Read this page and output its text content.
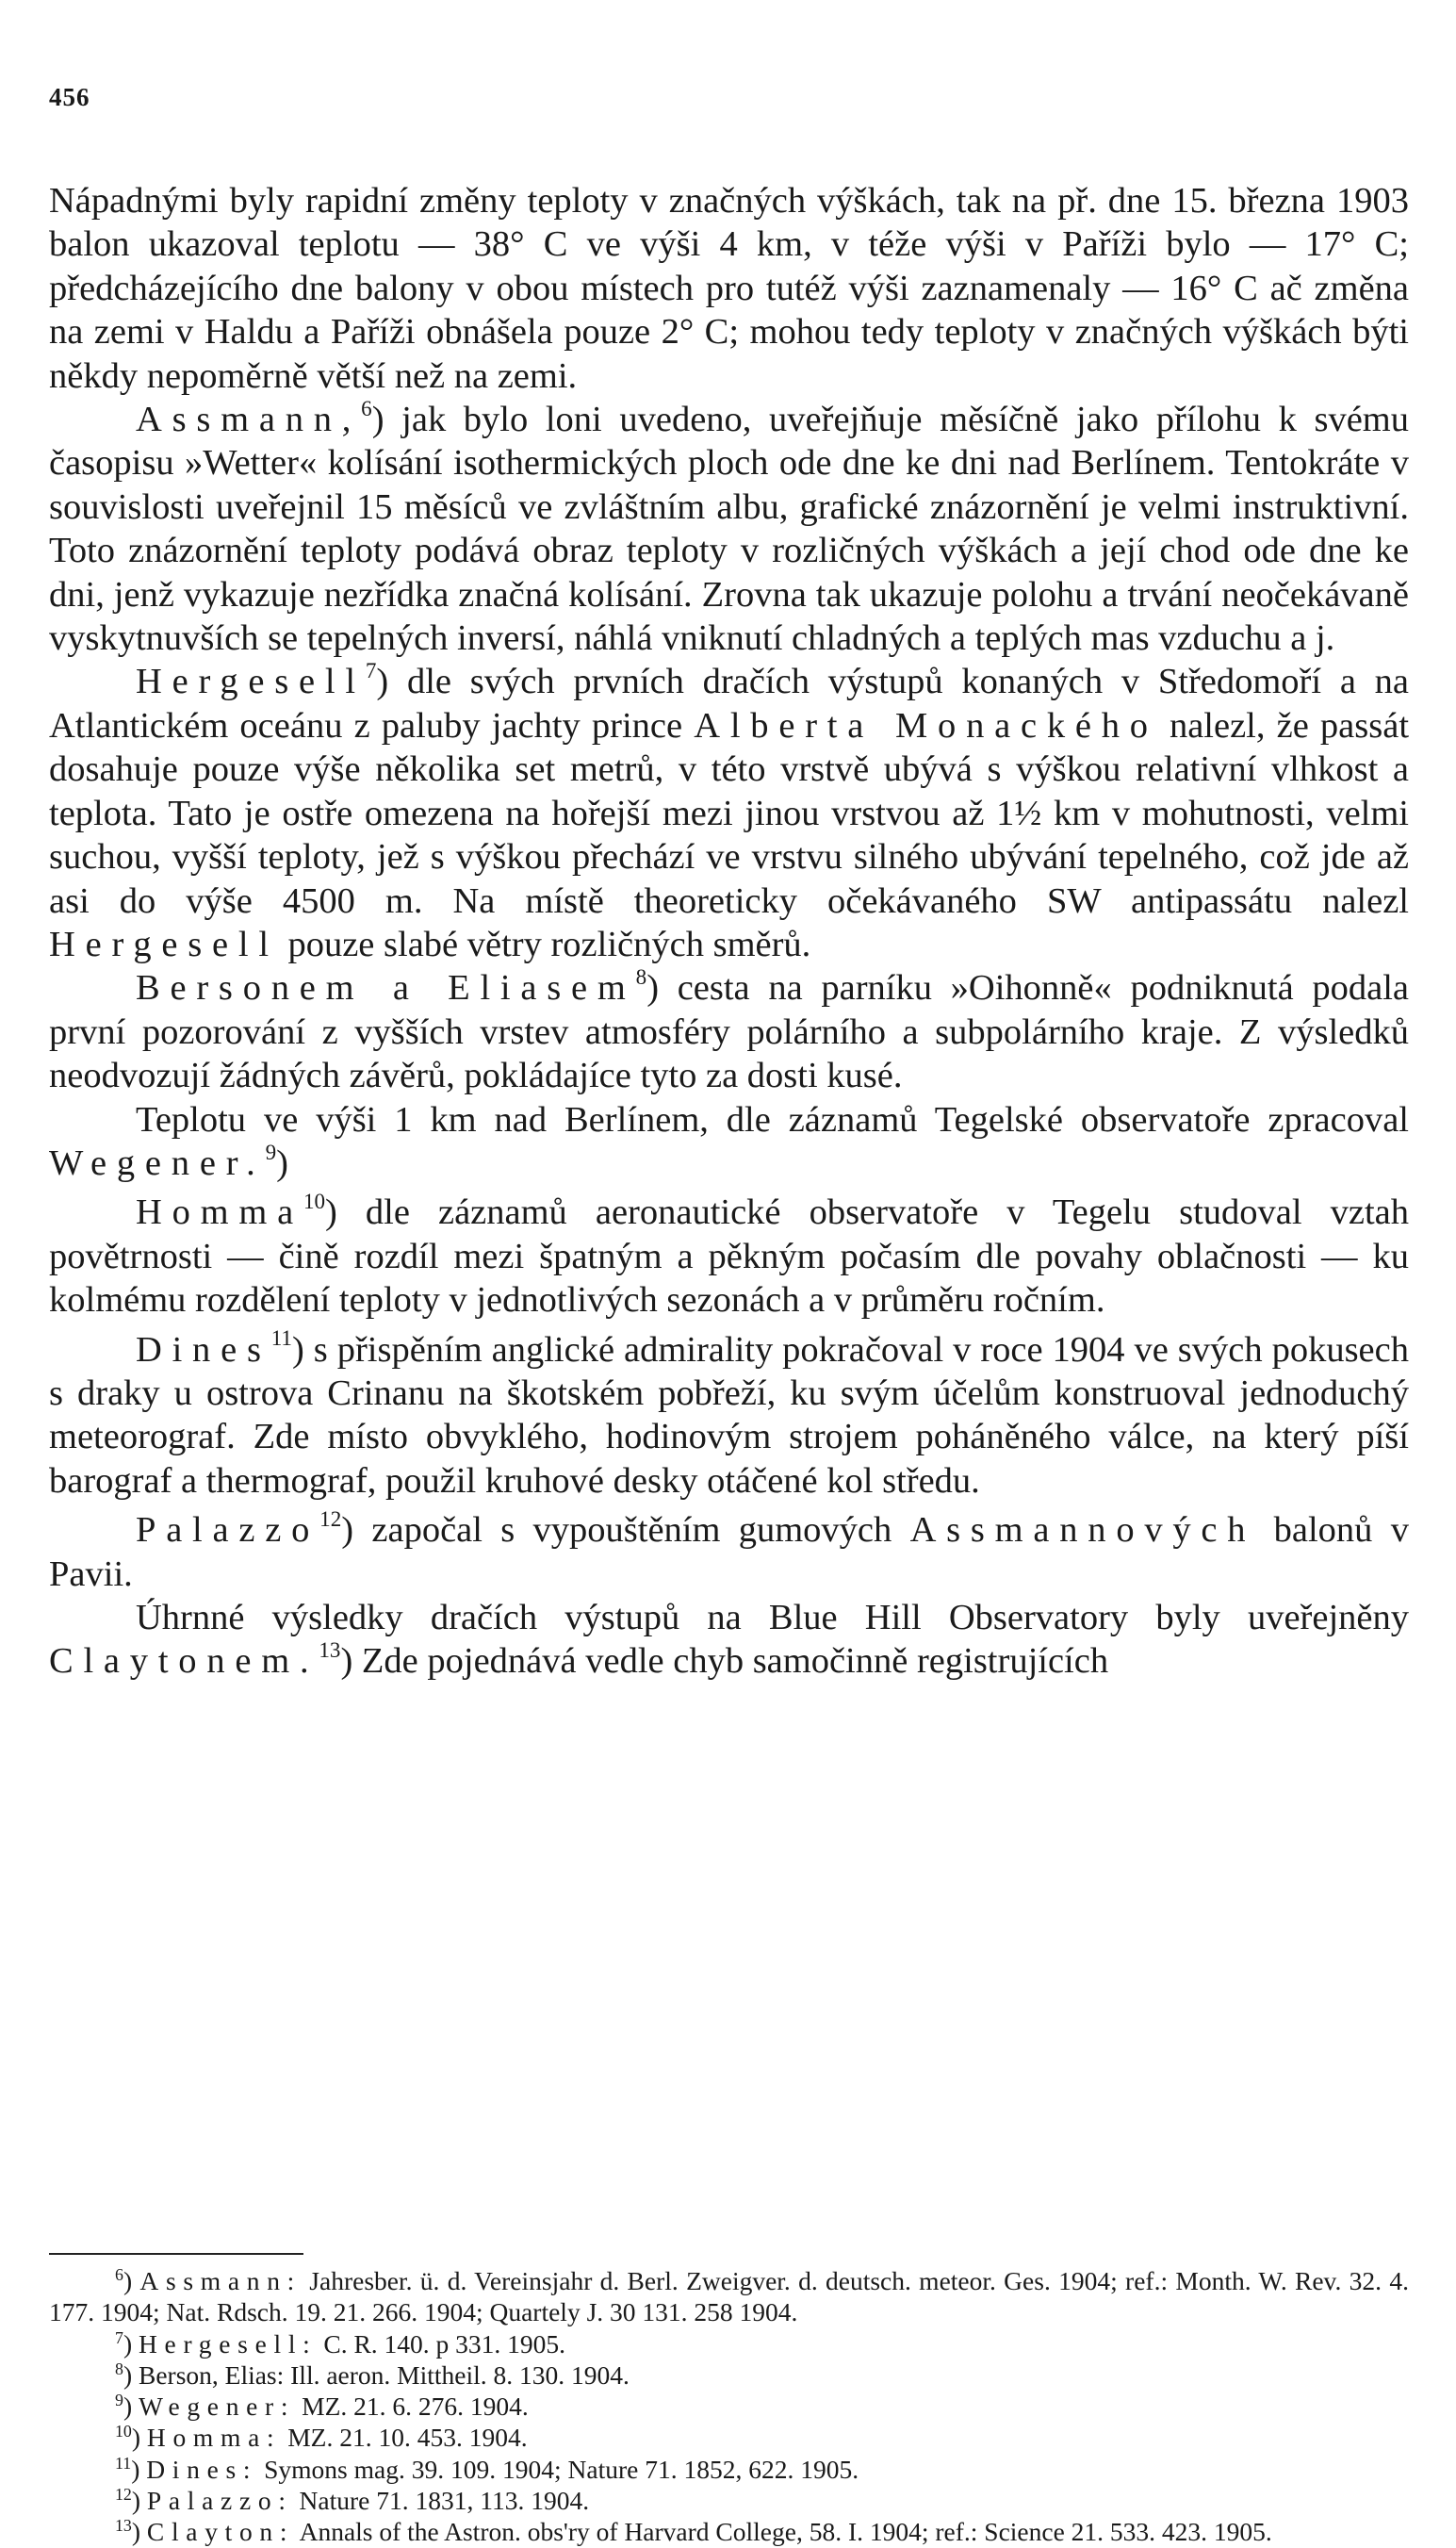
456

Nápadnými byly rapidní změny teploty v značných výškách, tak na př. dne 15. března 1903 balon ukazoval teplotu — 38° C ve výši 4 km, v téže výši v Paříži bylo — 17° C; předcházejícího dne balony v obou místech pro tutéž výši zaznamenaly — 16° C ač změna na zemi v Haldu a Paříži obnášela pouze 2° C; mohou tedy teploty v značných výškách býti někdy nepoměrně větší než na zemi.

Assmann,$^6$) jak bylo loni uvedeno, uveřejňuje měsíčně jako přílohu k svému časopisu »Wetter« kolísání isothermických ploch ode dne ke dni nad Berlínem. Tentokráte v souvislosti uveřejnil 15 měsíců ve zvláštním albu, grafické znázornění je velmi instruktivní. Toto znázornění teploty podává obraz teploty v rozličných výškách a její chod ode dne ke dni, jenž vykazuje nezřídka značná kolísání. Zrovna tak ukazuje polohu a trvání neočekávaně vyskytnuvších se tepelných inversí, náhlá vniknutí chladných a teplých mas vzduchu a j.

Hergesell$^7$) dle svých prvních dračích výstupů konaných v Středomoří a na Atlantickém oceánu z paluby jachty prince Alberta Monackého nalezl, že passát dosahuje pouze výše několika set metrů, v této vrstvě ubývá s výškou relativní vlhkost a teplota. Tato je ostře omezena na hořejší mezi jinou vrstvou až 1½ km v mohutnosti, velmi suchou, vyšší teploty, jež s výškou přechází ve vrstvu silného ubývání tepelného, což jde až asi do výše 4500 m. Na místě theoreticky očekávaného SW antipassátu nalezl Hergesell pouze slabé větry rozličných směrů.

Bersonem a Eliasem$^8$) cesta na parníku »Oihonně« podniknutá podala první pozorování z vyšších vrstev atmosféry polárního a subpolárního kraje. Z výsledků neodvozují žádných závěrů, pokládajíce tyto za dosti kusé.

Teplotu ve výši 1 km nad Berlínem, dle záznamů Tegelské observatoře zpracoval Wegener.$^9$)

Homma$^{10}$) dle záznamů aeronautické observatoře v Tegelu studoval vztah povětrnosti — čině rozdíl mezi špatným a pěkným počasím dle povahy oblačnosti — ku kolmému rozdělení teploty v jednotlivých sezonách a v průměru ročním.

Dines$^{11}$) s přispěním anglické admirality pokračoval v roce 1904 ve svých pokusech s draky u ostrova Crinanu na škotském pobřeží, ku svým účelům konstruoval jednoduchý meteorograf. Zde místo obvyklého, hodinovým strojem poháněného válce, na který píší barograf a thermograf, použil kruhové desky otáčené kol středu.

Palazzo$^{12}$) započal s vypouštěním gumových Assmannových balonů v Pavii.

Úhrnné výsledky dračích výstupů na Blue Hill Observatory byly uveřejněny Claytonem.$^{13}$) Zde pojednává vedle chyb samočinně registrujících

$^6$) Assmann: Jahresber. ü. d. Vereinsjahr d. Berl. Zweigver. d. deutsch. meteor. Ges. 1904; ref.: Month. W. Rev. 32. 4. 177. 1904; Nat. Rdsch. 19. 21. 266. 1904; Quartely J. 30 131. 258 1904.

$^7$) Hergesell: C. R. 140. p 331. 1905.

$^8$) Berson, Elias: Ill. aeron. Mittheil. 8. 130. 1904.

$^9$) Wegener: MZ. 21. 6. 276. 1904.

$^{10}$) Homma: MZ. 21. 10. 453. 1904.

$^{11}$) Dines: Symons mag. 39. 109. 1904; Nature 71. 1852, 622. 1905.

$^{12}$) Palazzo: Nature 71. 1831, 113. 1904.

$^{13}$) Clayton: Annals of the Astron. obs'ry of Harvard College, 58. I. 1904; ref.: Science 21. 533. 423. 1905.
